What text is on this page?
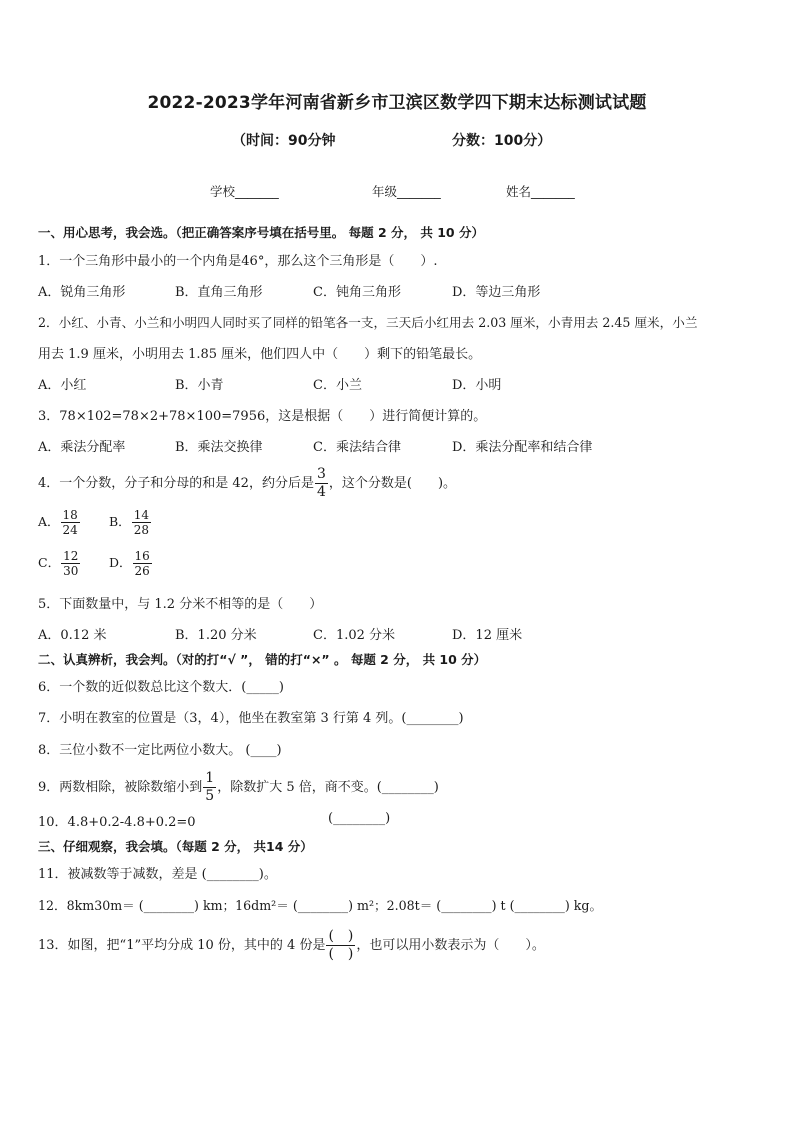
2022-2023学年河南省新乡市卫滨区数学四下期末达标测试试题
（时间：90分钟	分数：100分）
学校_______	年级_______	姓名_______
一、用心思考，我会选。（把正确答案序号填在括号里。 每题 2 分， 共 10 分）
1．一个三角形中最小的一个内角是46°，那么这个三角形是（　　）.
A．锐角三角形	B．直角三角形	C．钝角三角形	D．等边三角形
2．小红、小青、小兰和小明四人同时买了同样的铅笔各一支，三天后小红用去 2.03 厘米，小青用去 2.45 厘米，小兰
用去 1.9 厘米，小明用去 1.85 厘米，他们四人中（　　）剩下的铅笔最长。
A．小红	B．小青	C．小兰	D．小明
3．78×102=78×2+78×100=7956，这是根据（　　）进行简便计算的。
A．乘法分配率	B．乘法交换律	C．乘法结合律	D．乘法分配率和结合律
4．一个分数，分子和分母的和是 42，约分后是 $\frac{3}{4}$ ，这个分数是(　　)。
A． $\frac{18}{24}$ B． $\frac{14}{28}$
C． $\frac{12}{30}$ D． $\frac{16}{26}$
5．下面数量中，与 1.2 分米不相等的是（　　）
A．0.12 米	B．1.20 分米	C．1.02 分米	D．12 厘米
二、认真辨析，我会判。（对的打“√ ”， 错的打“×” 。 每题 2 分， 共 10 分）
6．一个数的近似数总比这个数大．(_____)
7．小明在教室的位置是（3，4），他坐在教室第 3 行第 4 列。(________)
8．三位小数不一定比两位小数大。 (____)
9．两数相除，被除数缩小到 $\frac{1}{5}$ ，除数扩大 5 倍，商不变。(________)
10．4.8+0.2-4.8+0.2=0	(________)
三、仔细观察，我会填。（每题 2 分， 共14 分）
11．被减数等于减数，差是 (________)。
12．8km30m＝ (________) km；16dm²＝ (________) m²；2.08t＝ (________) t (________) kg。
13．如图，把“1”平均分成 10 份，其中的 4 份是 $\frac{( )}{( )}$ ，也可以用小数表示为（　　）。
